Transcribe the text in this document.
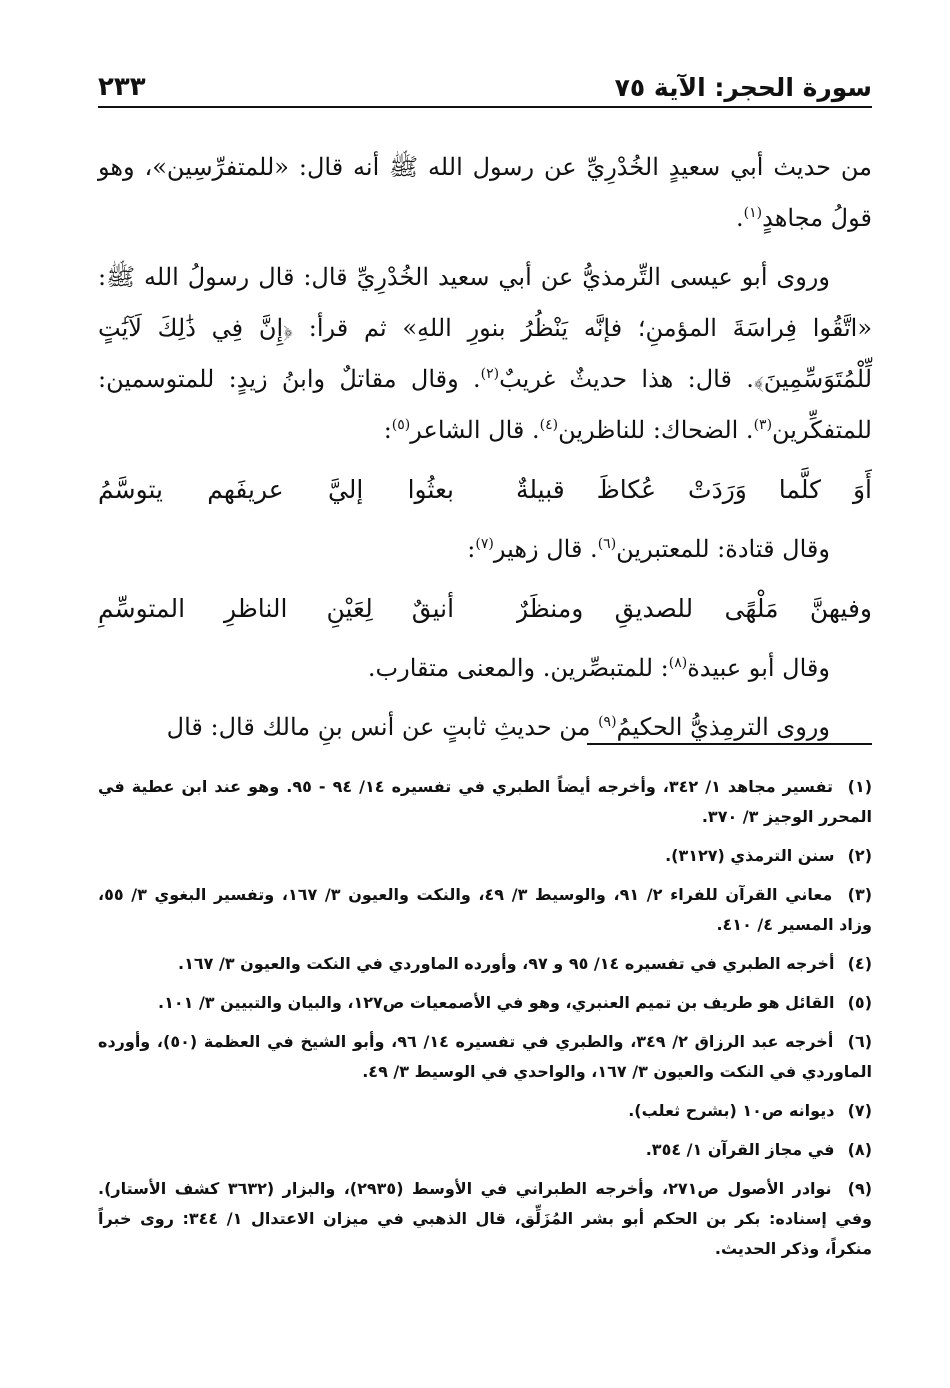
سورة الحجر: الآية ٧٥
٢٣٣

من حديث أبي سعيدٍ الخُدْرِيِّ عن رسول الله ﷺ أنه قال: «للمتفرِّسِين»، وهو قولُ مجاهدٍ$^{(١)}$.

وروى أبو عيسى التِّرمذيُّ عن أبي سعيد الخُدْرِيِّ قال: قال رسولُ الله ﷺ: «اتَّقُوا فِراسَةَ المؤمنِ؛ فإنَّه يَنْظُرُ بنورِ اللهِ» ثم قرأ: ﴿إِنَّ فِي ذَٰلِكَ لَآيَٰتٍ لِّلْمُتَوَسِّمِينَ﴾. قال: هذا حديثٌ غريبٌ$^{(٢)}$. وقال مقاتلٌ وابنُ زيدٍ: للمتوسمين: للمتفكِّرين$^{(٣)}$. الضحاك: للناظرين$^{(٤)}$. قال الشاعر$^{(٥)}$:

أَوَ كلَّما وَرَدَتْ عُكاظَ قبيلةٌ
بعثُوا إليَّ عريفَهم يتوسَّمُ

وقال قتادة: للمعتبرين$^{(٦)}$. قال زهير$^{(٧)}$:

وفيهنَّ مَلْهًى للصديقِ ومنظَرٌ
أنيقٌ لِعَيْنِ الناظرِ المتوسِّمِ

وقال أبو عبيدة$^{(٨)}$: للمتبصِّرين. والمعنى متقارب.

وروى الترمِذيُّ الحكيمُ$^{(٩)}$ من حديثِ ثابتٍ عن أنس بنِ مالك قال: قال

(١) تفسير مجاهد ١/ ٣٤٢، وأخرجه أيضاً الطبري في تفسيره ١٤/ ٩٤ - ٩٥. وهو عند ابن عطية في المحرر الوجيز ٣/ ٣٧٠.
(٢) سنن الترمذي (٣١٢٧).
(٣) معاني القرآن للفراء ٢/ ٩١، والوسيط ٣/ ٤٩، والنكت والعيون ٣/ ١٦٧، وتفسير البغوي ٣/ ٥٥، وزاد المسير ٤/ ٤١٠.
(٤) أخرجه الطبري في تفسيره ١٤/ ٩٥ و ٩٧، وأورده الماوردي في النكت والعيون ٣/ ١٦٧.
(٥) القائل هو طريف بن تميم العنبري، وهو في الأصمعيات ص١٢٧، والبيان والتبيين ٣/ ١٠١.
(٦) أخرجه عبد الرزاق ٢/ ٣٤٩، والطبري في تفسيره ١٤/ ٩٦، وأبو الشيخ في العظمة (٥٠)، وأورده الماوردي في النكت والعيون ٣/ ١٦٧، والواحدي في الوسيط ٣/ ٤٩.
(٧) ديوانه ص١٠ (بشرح ثعلب).
(٨) في مجاز القرآن ١/ ٣٥٤.
(٩) نوادر الأصول ص٢٧١، وأخرجه الطبراني في الأوسط (٢٩٣٥)، والبزار (٣٦٣٢ كشف الأستار). وفي إسناده: بكر بن الحكم أبو بشر المُزَلِّق، قال الذهبي في ميزان الاعتدال ١/ ٣٤٤: روى خبراً منكراً، وذكر الحديث.
